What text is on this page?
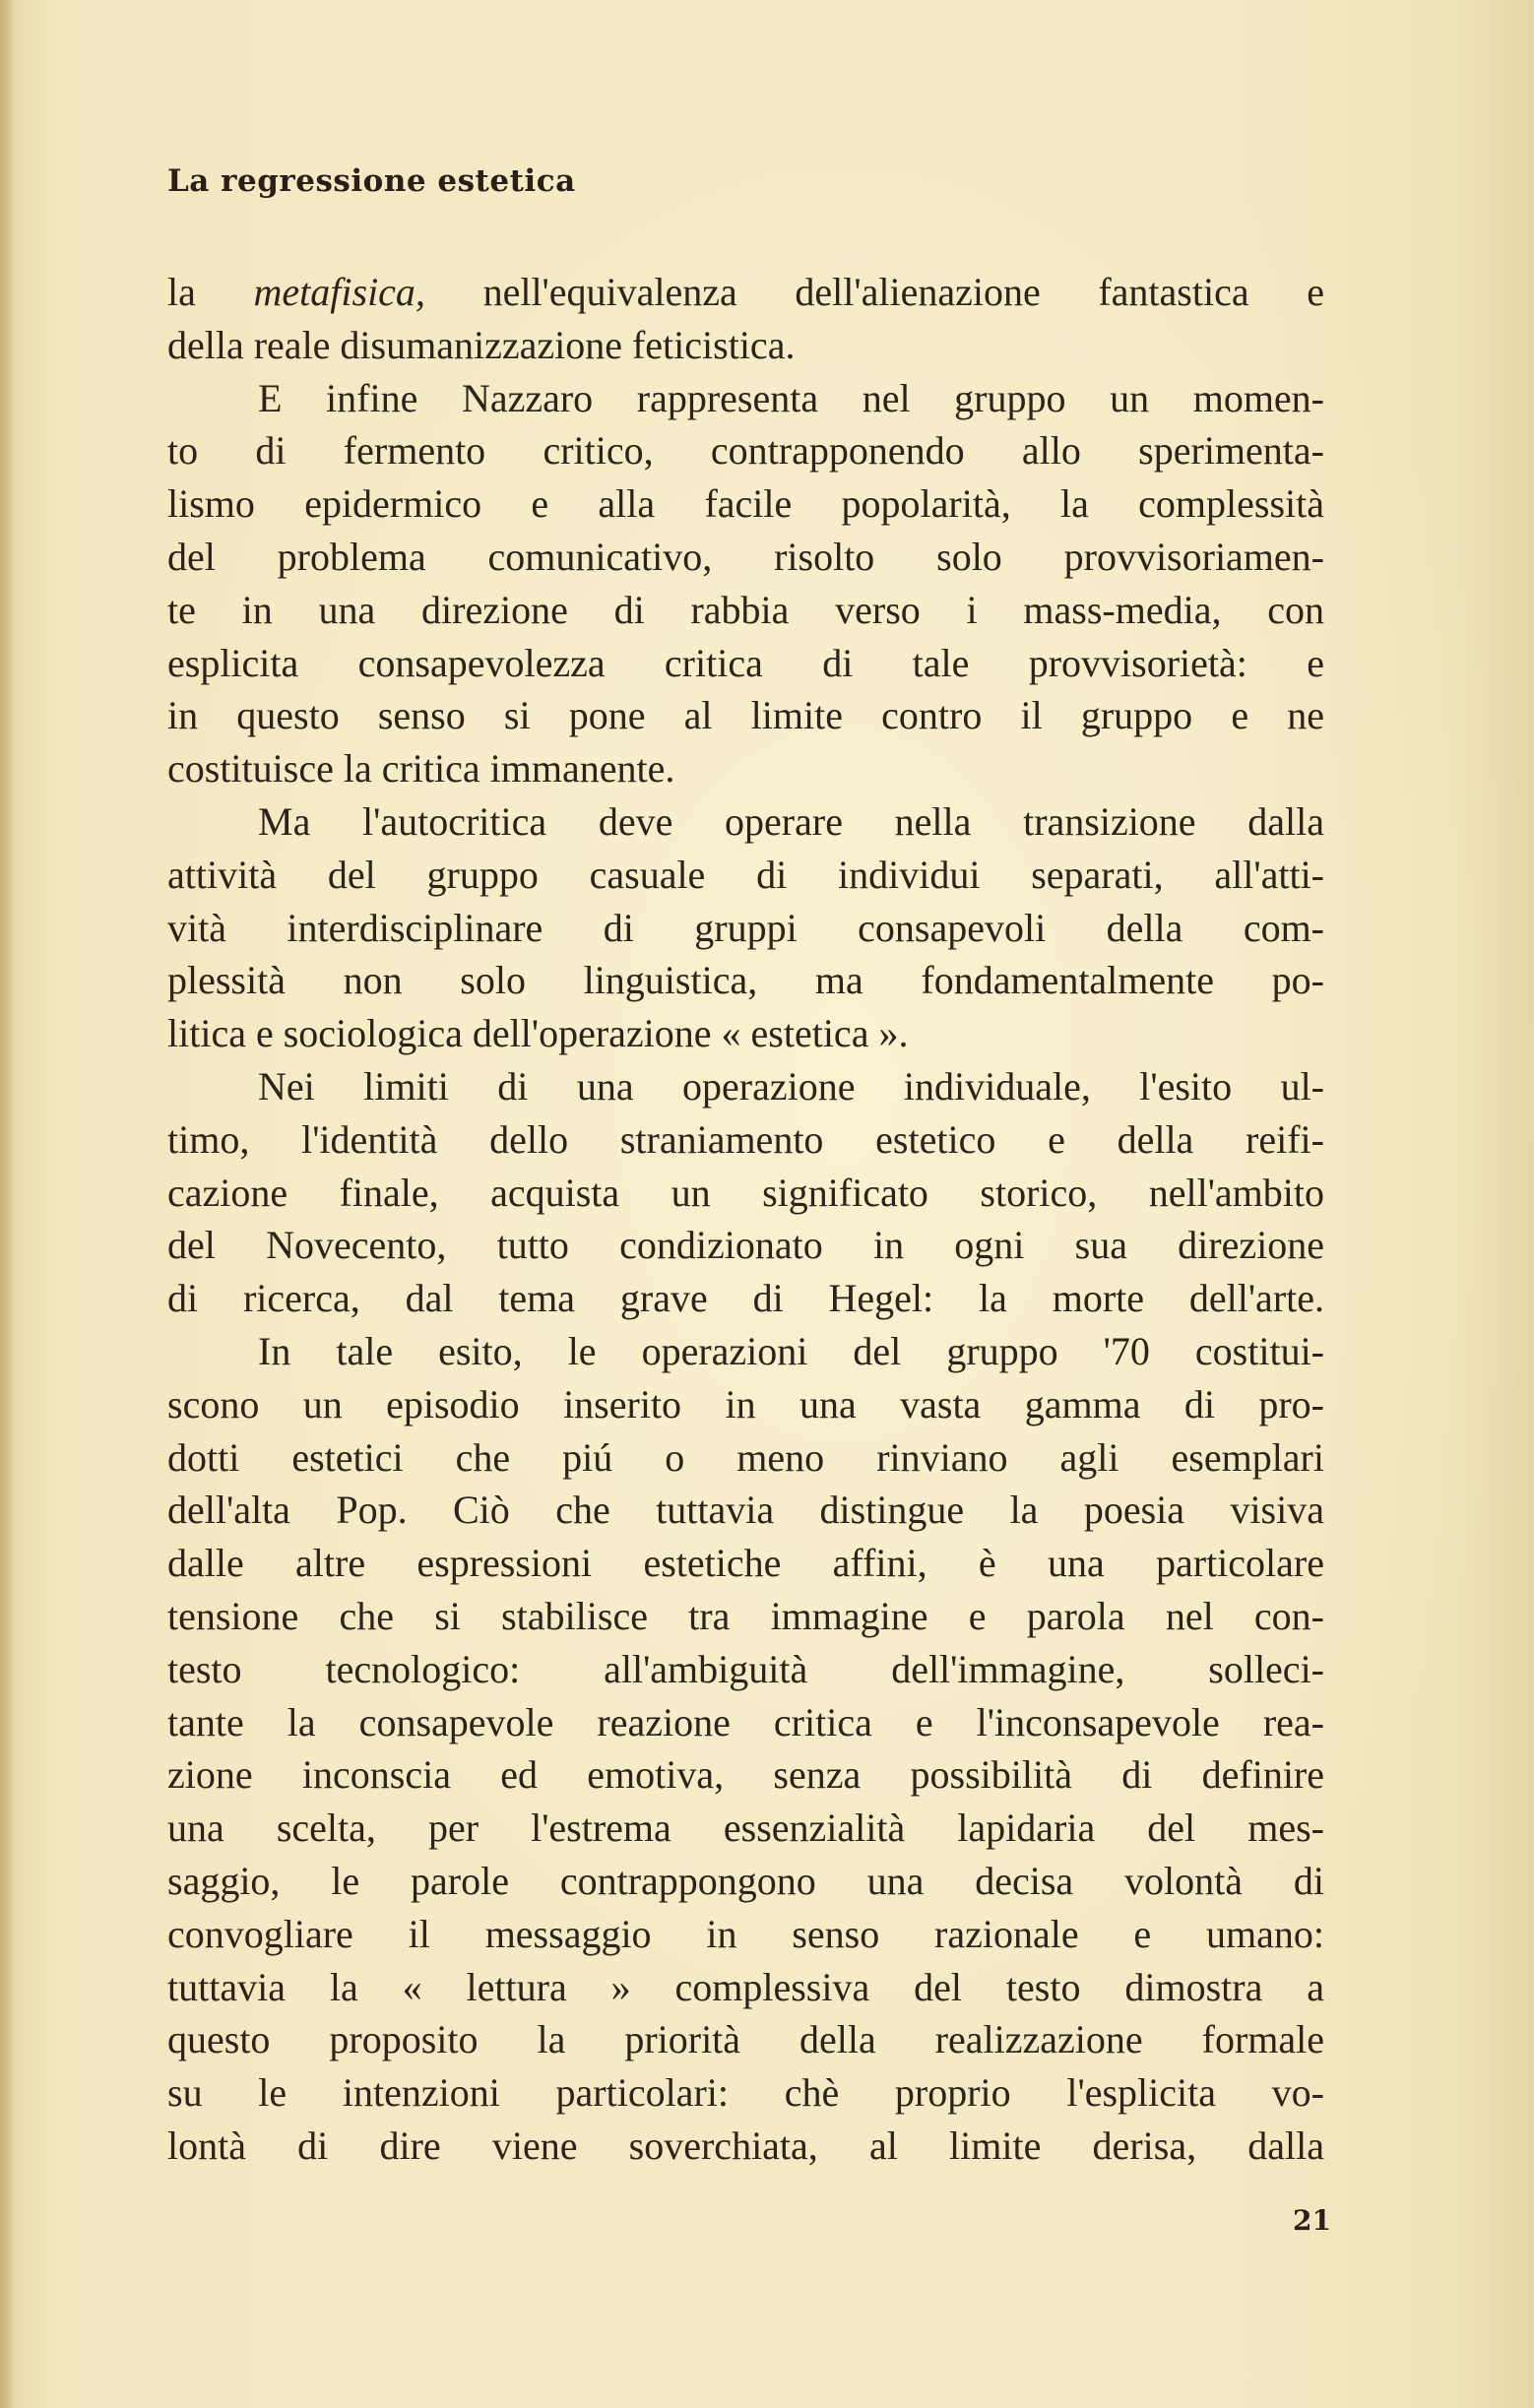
La regressione estetica
la metafisica, nell'equivalenza dell'alienazione fantastica e
della reale disumanizzazione feticistica.
E infine Nazzaro rappresenta nel gruppo un momen-
to di fermento critico, contrapponendo allo sperimenta-
lismo epidermico e alla facile popolarità, la complessità
del problema comunicativo, risolto solo provvisoriamen-
te in una direzione di rabbia verso i mass-media, con
esplicita consapevolezza critica di tale provvisorietà: e
in questo senso si pone al limite contro il gruppo e ne
costituisce la critica immanente.
Ma l'autocritica deve operare nella transizione dalla
attività del gruppo casuale di individui separati, all'atti-
vità interdisciplinare di gruppi consapevoli della com-
plessità non solo linguistica, ma fondamentalmente po-
litica e sociologica dell'operazione « estetica ».
Nei limiti di una operazione individuale, l'esito ul-
timo, l'identità dello straniamento estetico e della reifi-
cazione finale, acquista un significato storico, nell'ambito
del Novecento, tutto condizionato in ogni sua direzione
di ricerca, dal tema grave di Hegel: la morte dell'arte.
In tale esito, le operazioni del gruppo '70 costitui-
scono un episodio inserito in una vasta gamma di pro-
dotti estetici che piú o meno rinviano agli esemplari
dell'alta Pop. Ciò che tuttavia distingue la poesia visiva
dalle altre espressioni estetiche affini, è una particolare
tensione che si stabilisce tra immagine e parola nel con-
testo tecnologico: all'ambiguità dell'immagine, solleci-
tante la consapevole reazione critica e l'inconsapevole rea-
zione inconscia ed emotiva, senza possibilità di definire
una scelta, per l'estrema essenzialità lapidaria del mes-
saggio, le parole contrappongono una decisa volontà di
convogliare il messaggio in senso razionale e umano:
tuttavia la « lettura » complessiva del testo dimostra a
questo proposito la priorità della realizzazione formale
su le intenzioni particolari: chè proprio l'esplicita vo-
lontà di dire viene soverchiata, al limite derisa, dalla
21
